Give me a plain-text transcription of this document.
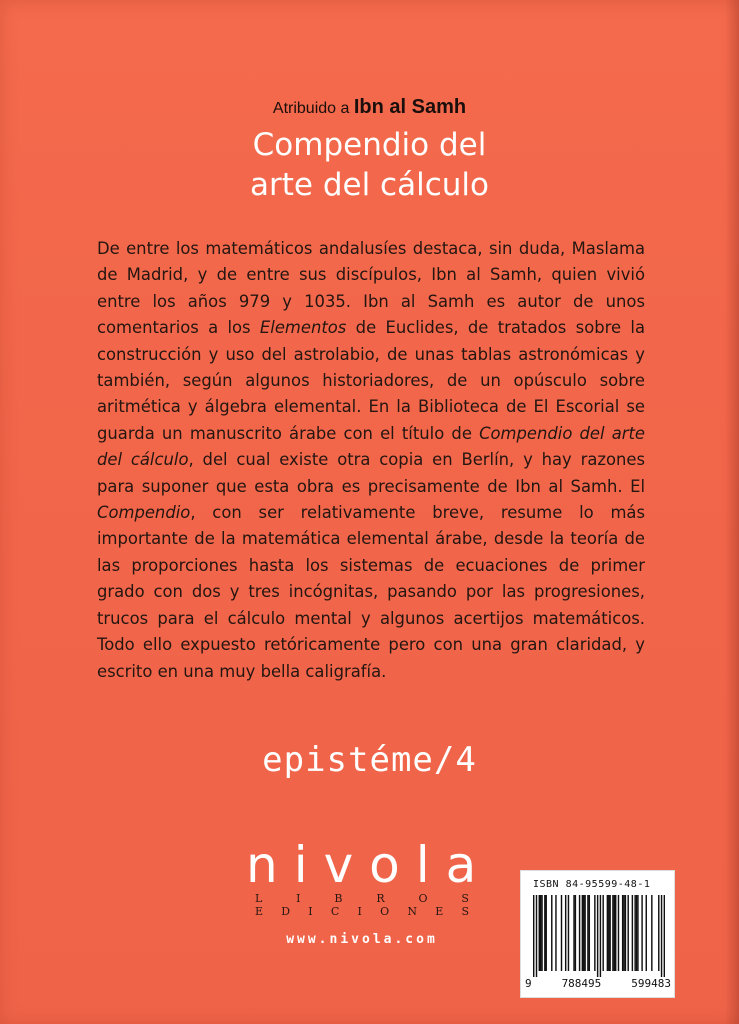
Atribuido a Ibn al Samh
Compendio del
arte del cálculo

De entre los matemáticos andalusíes destaca, sin duda, Maslama de Madrid, y de entre sus discípulos, Ibn al Samh, quien vivió entre los años 979 y 1035. Ibn al Samh es autor de unos comentarios a los Elementos de Euclides, de tratados sobre la construcción y uso del astrolabio, de unas tablas astronómicas y también, según algunos historiadores, de un opúsculo sobre aritmética y álgebra elemental. En la Biblioteca de El Escorial se guarda un manuscrito árabe con el título de Compendio del arte del cálculo, del cual existe otra copia en Berlín, y hay razones para suponer que esta obra es precisamente de Ibn al Samh. El Compendio, con ser relativamente breve, resume lo más importante de la matemática elemental árabe, desde la teoría de las proporciones hasta los sistemas de ecuaciones de primer grado con dos y tres incógnitas, pasando por las progresiones, trucos para el cálculo mental y algunos acertijos matemáticos. Todo ello expuesto retóricamente pero con una gran claridad, y escrito en una muy bella caligrafía.

epistéme/4
nivola
L	I	B	R	O	S
E D I C I O N E S
www.nivola.com
ISBN 84-95599-48-1
9	788495	599483
